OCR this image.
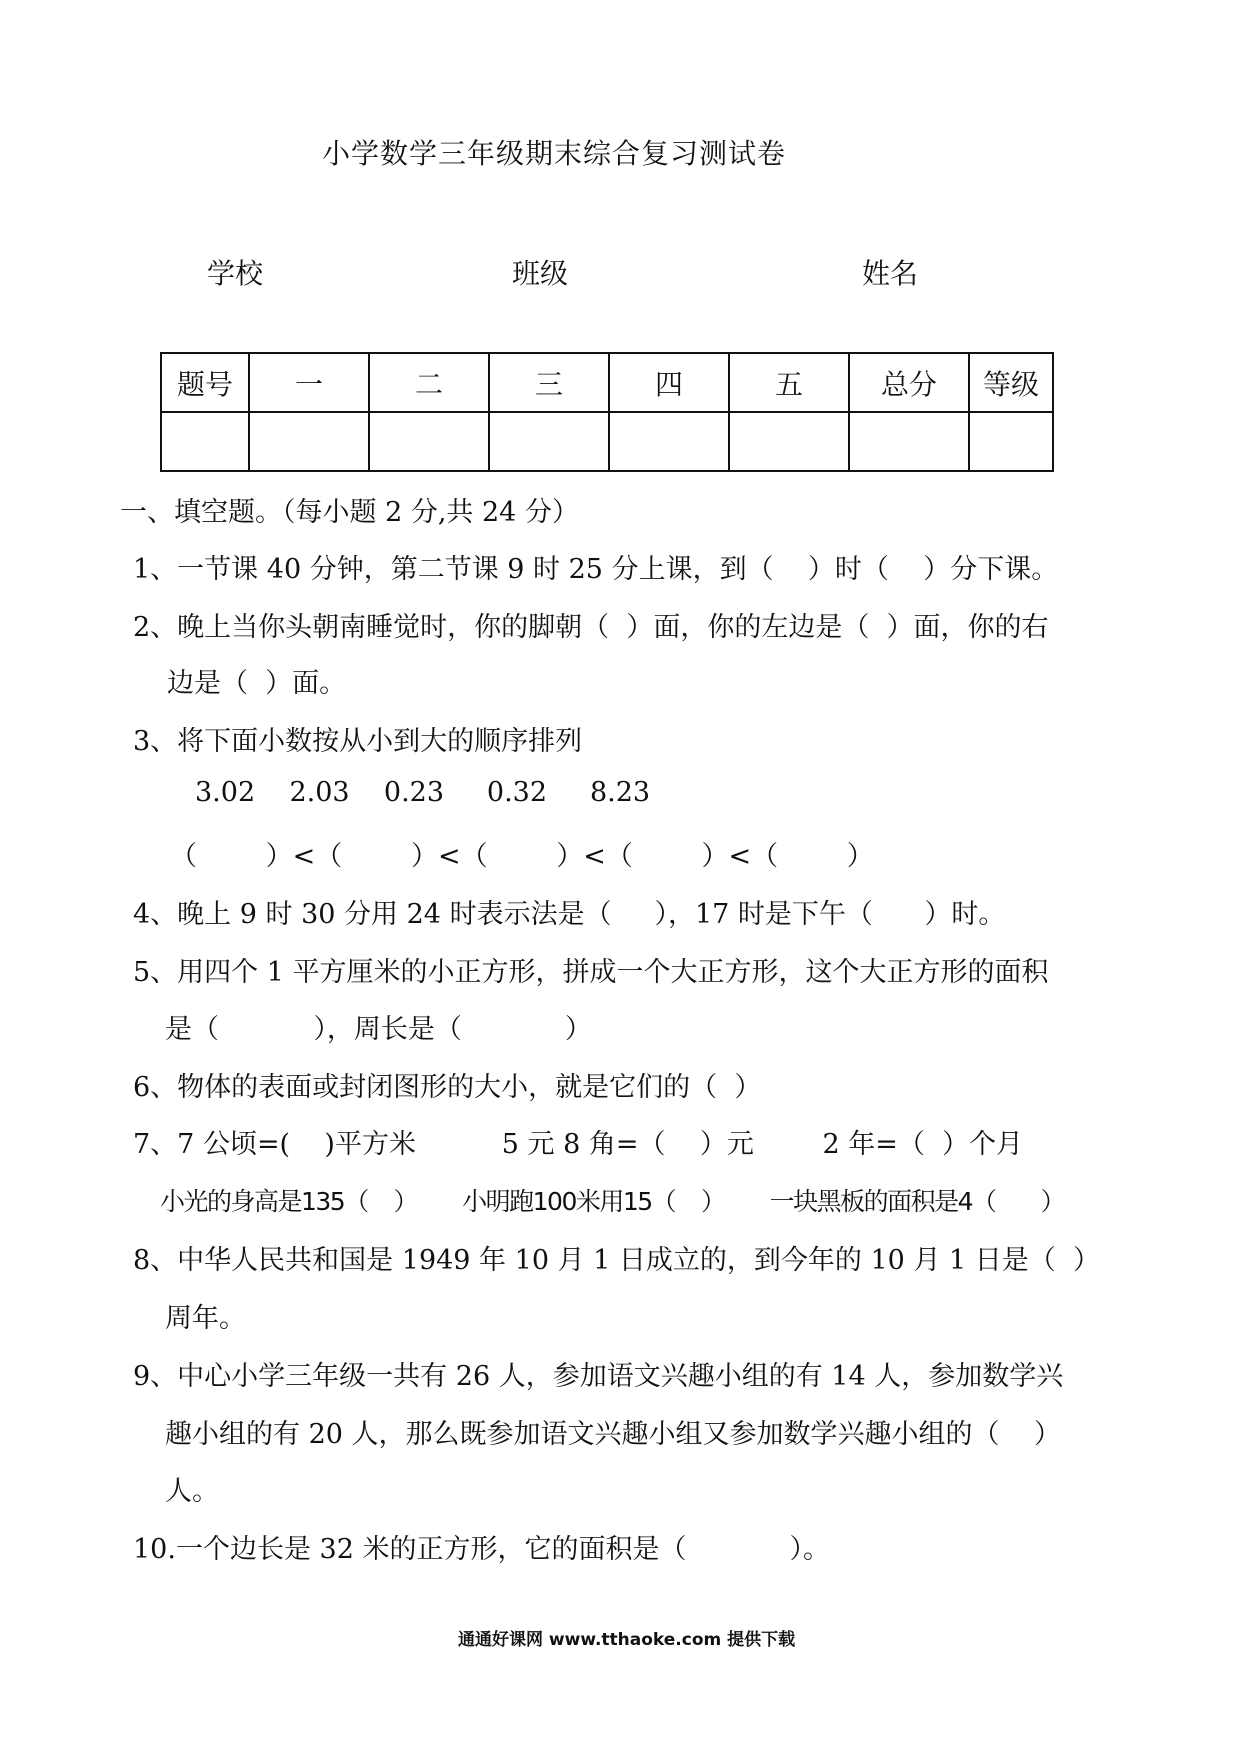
小学数学三年级期末综合复习测试卷
学校	班级	姓名
题号	一	二	三	四	五	总分	等级

一、填空题。（每小题 2 分,共 24 分）
1、一节课 40 分钟，第二节课 9 时 25 分上课，到（    ）时（    ）分下课。
2、晚上当你头朝南睡觉时，你的脚朝（  ）面，你的左边是（  ）面，你的右
边是（  ）面。
3、将下面小数按从小到大的顺序排列
3.02    2.03    0.23     0.32     8.23
（        ）<（        ）<（        ）<（        ）<（        ）
4、晚上 9 时 30 分用 24 时表示法是（     ），17 时是下午（      ）时。
5、用四个 1 平方厘米的小正方形，拼成一个大正方形，这个大正方形的面积
是（           ），周长是（            ）
6、物体的表面或封闭图形的大小，就是它们的（  ）
7、7 公顷=(    )平方米          5 元 8 角=（    ）元        2 年=（  ）个月
小光的身高是135（    ）       小明跑100米用15（    ）       一块黑板的面积是4（       ）
8、中华人民共和国是 1949 年 10 月 1 日成立的，到今年的 10 月 1 日是（  ）
周年。
9、中心小学三年级一共有 26 人，参加语文兴趣小组的有 14 人，参加数学兴
趣小组的有 20 人，那么既参加语文兴趣小组又参加数学兴趣小组的（    ）
人。
10.一个边长是 32 米的正方形，它的面积是（            ）。
通通好课网 www.tthaoke.com 提供下载
